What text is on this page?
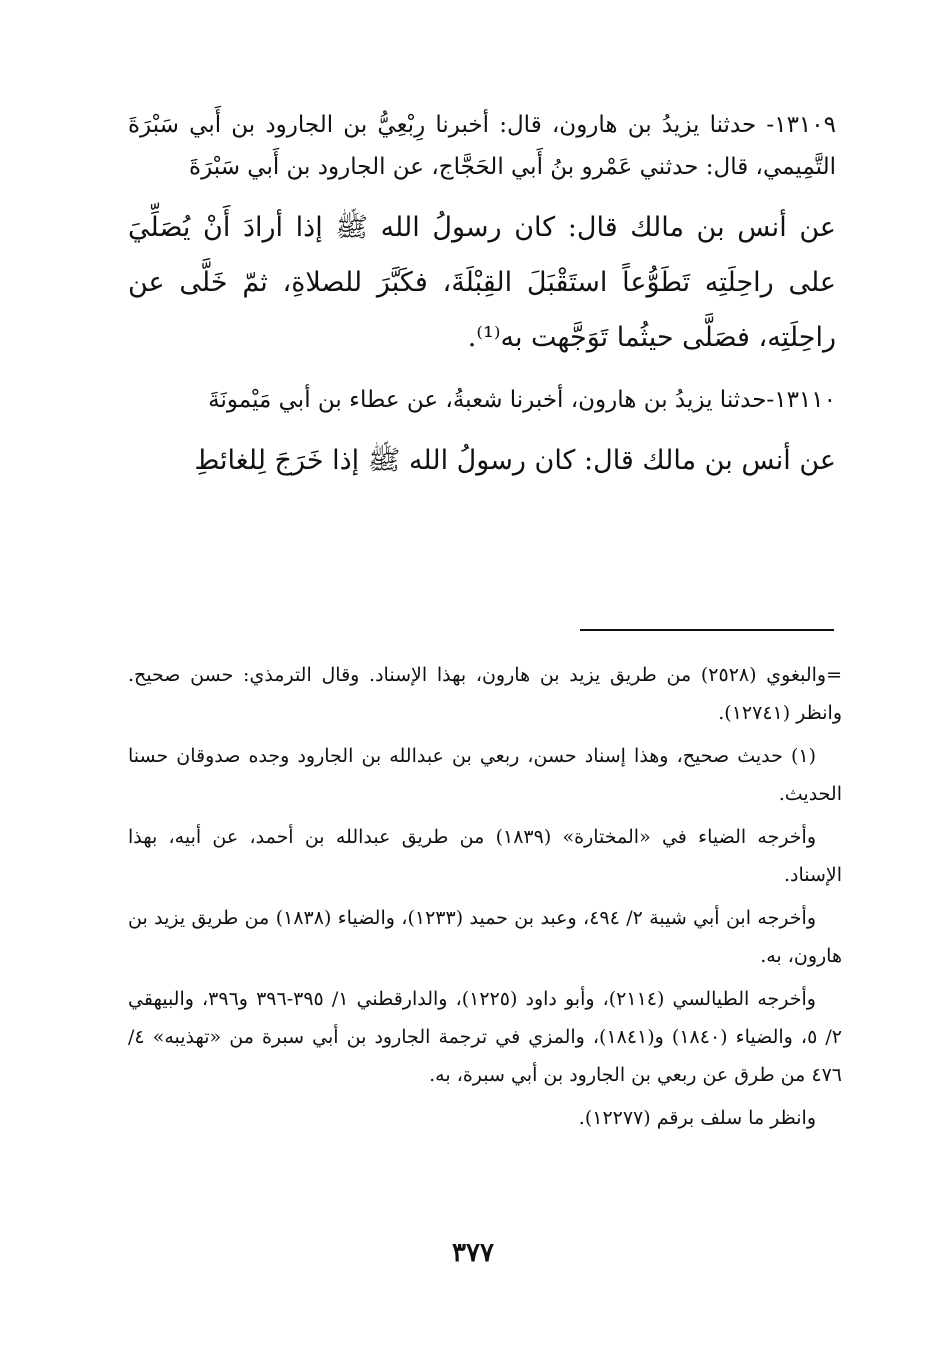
١٣١٠٩- حدثنا يزيدُ بن هارون، قال: أخبرنا رِبْعِيُّ بن الجارود بن أَبي سَبْرَةَ التَّمِيمي، قال: حدثني عَمْرو بنُ أَبي الحَجَّاج، عن الجارود بن أَبي سَبْرَةَ

عن أنس بن مالك قال: كان رسولُ الله ﷺ إذا أرادَ أَنْ يُصَلِّيَ على راحِلَتِه تَطَوُّعاً استَقْبَلَ القِبْلَةَ، فكَبَّرَ للصلاةِ، ثمّ خَلَّى عن راحِلَتِه، فصَلَّى حيثُما تَوَجَّهت به⁽¹⁾.

١٣١١٠-حدثنا يزيدُ بن هارون، أخبرنا شعبةُ، عن عطاء بن أبي مَيْمونَةَ

عن أنس بن مالك قال: كان رسولُ الله ﷺ إذا خَرَجَ لِلغائطِ

=والبغوي (٢٥٢٨) من طريق يزيد بن هارون، بهذا الإسناد. وقال الترمذي: حسن صحيح. وانظر (١٢٧٤١).

(١) حديث صحيح، وهذا إسناد حسن، ربعي بن عبدالله بن الجارود وجده صدوقان حسنا الحديث.

وأخرجه الضياء في «المختارة» (١٨٣٩) من طريق عبدالله بن أحمد، عن أبيه، بهذا الإسناد.

وأخرجه ابن أبي شيبة ٢/ ٤٩٤، وعبد بن حميد (١٢٣٣)، والضياء (١٨٣٨) من طريق يزيد بن هارون، به.

وأخرجه الطيالسي (٢١١٤)، وأبو داود (١٢٢٥)، والدارقطني ١/ ٣٩٥-٣٩٦ و٣٩٦، والبيهقي ٢/ ٥، والضياء (١٨٤٠) و(١٨٤١)، والمزي في ترجمة الجارود بن أبي سبرة من «تهذيبه» ٤/ ٤٧٦ من طرق عن ربعي بن الجارود بن أبي سبرة، به.

وانظر ما سلف برقم (١٢٢٧٧).

٣٧٧
